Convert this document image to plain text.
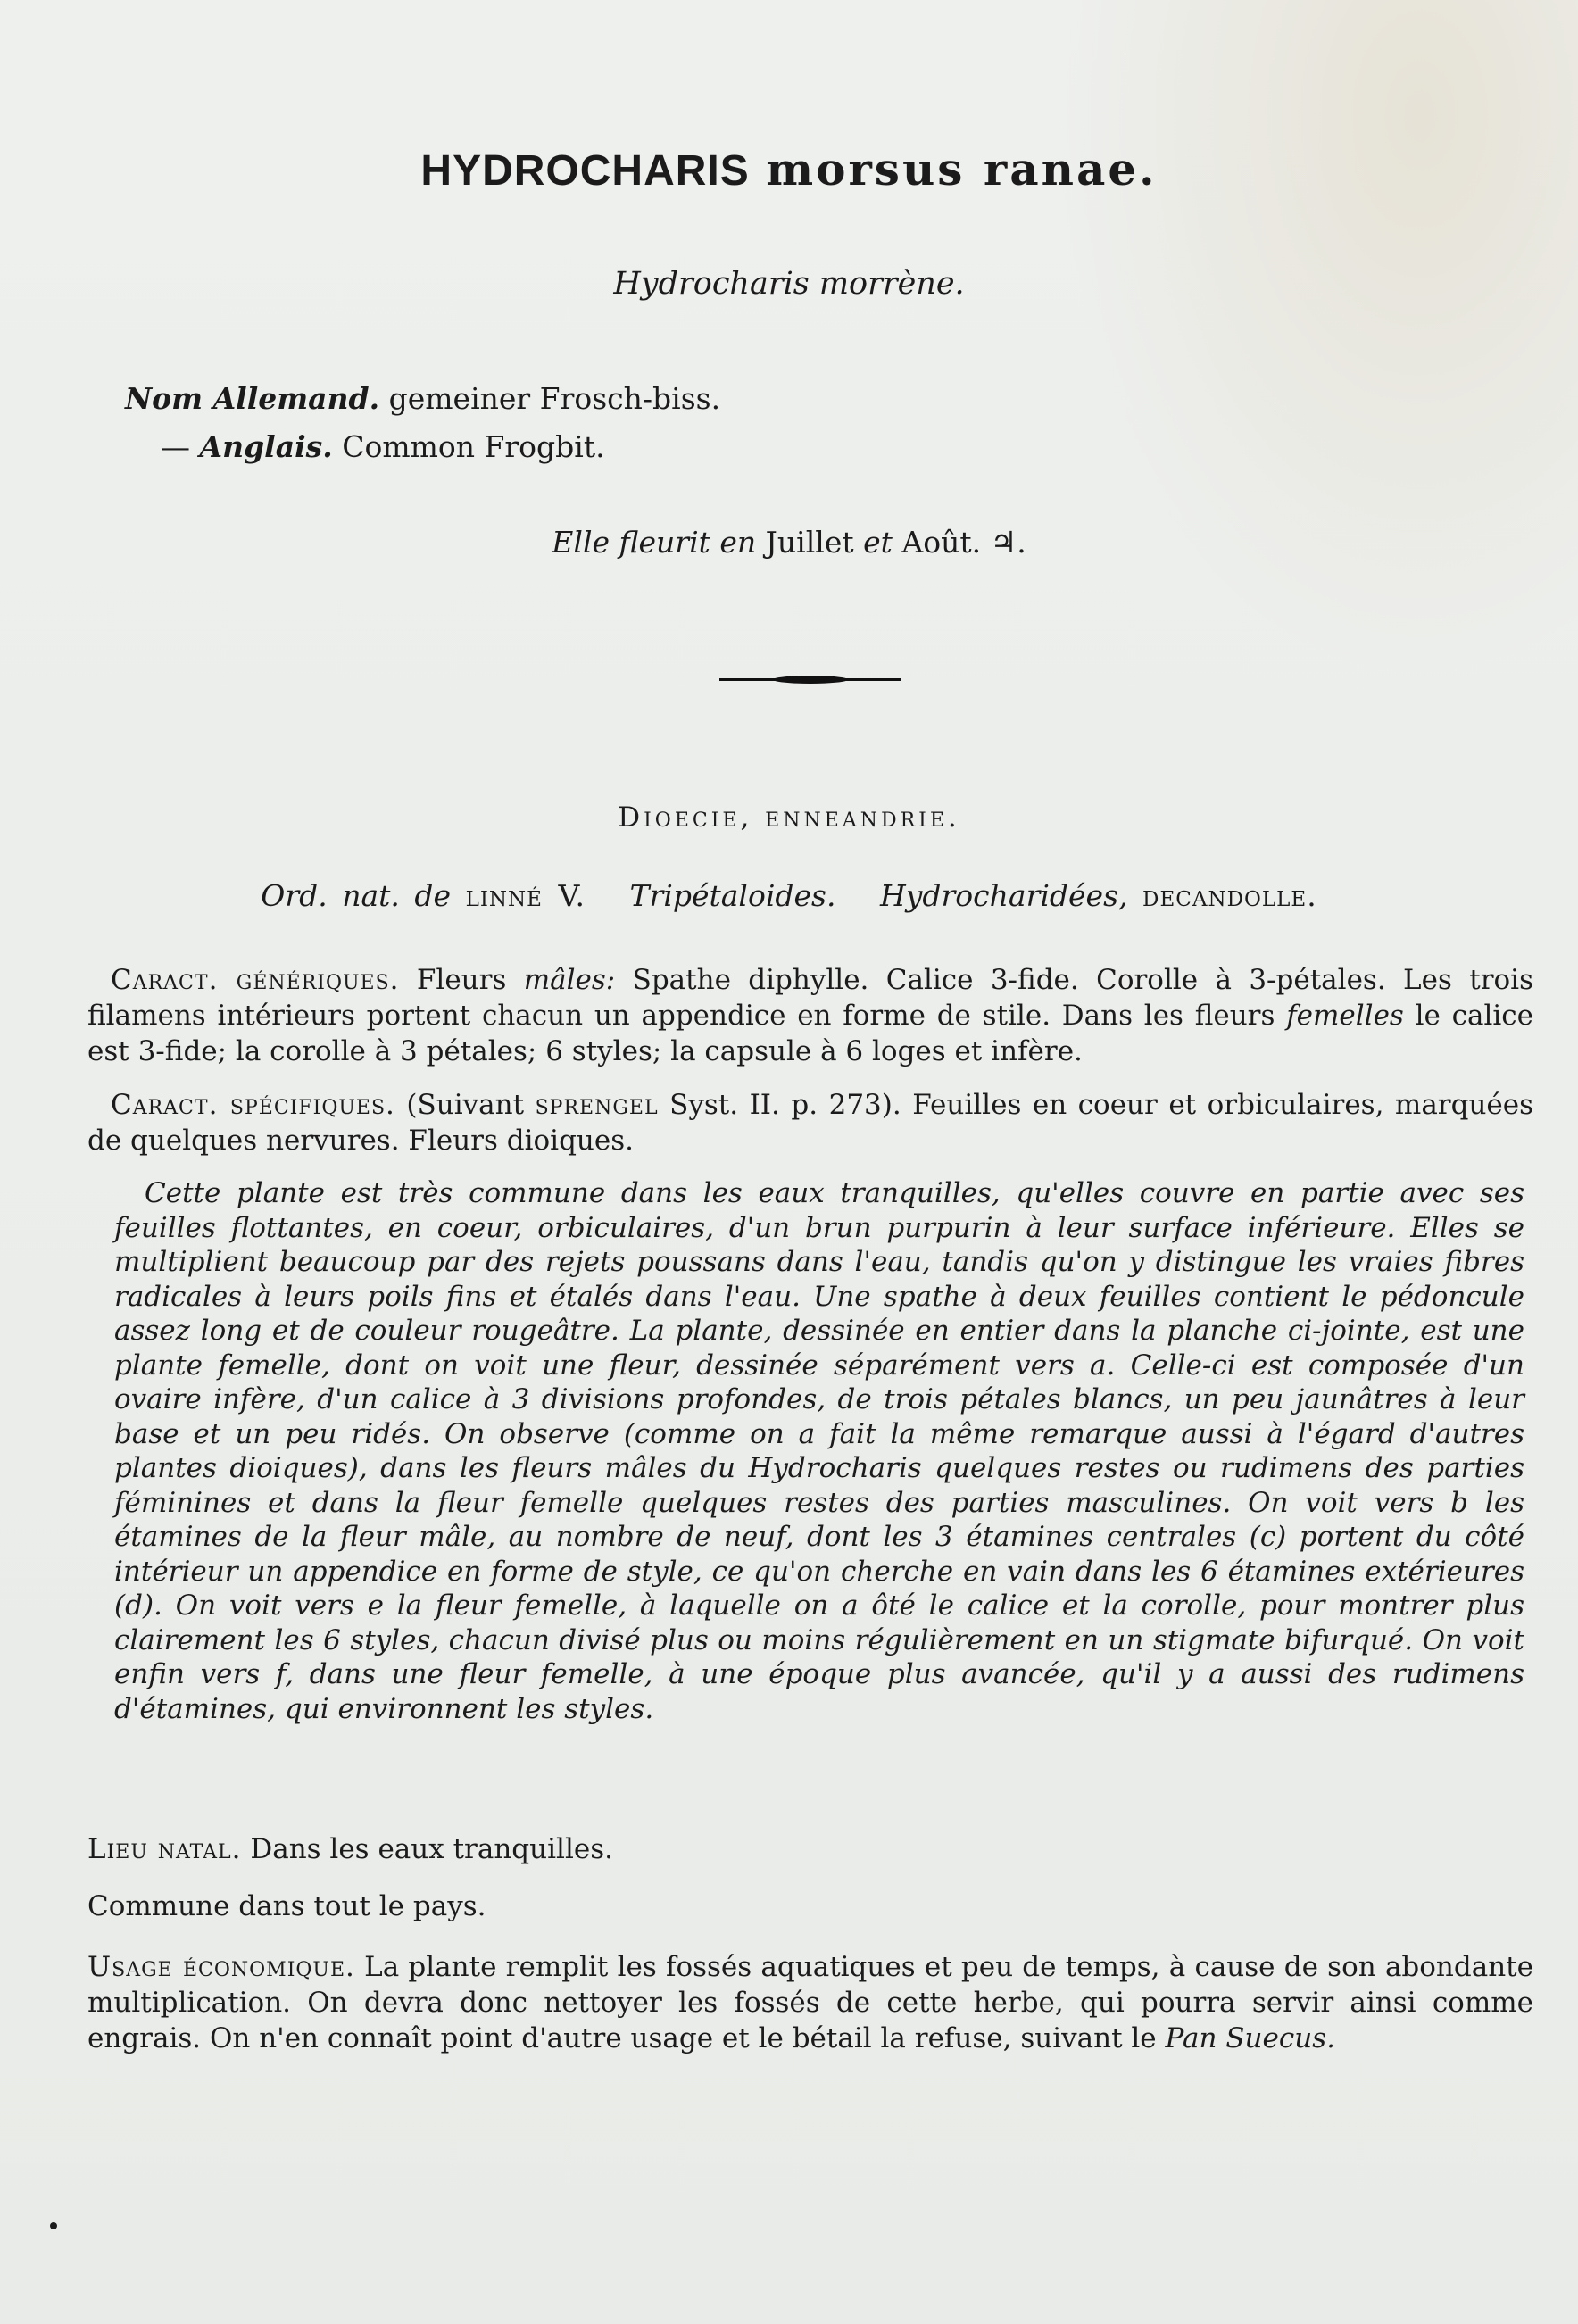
HYDROCHARIS morsus ranae.
Hydrocharis morrène.
Nom Allemand. gemeiner Frosch-biss.
— Anglais. Common Frogbit.
Elle fleurit en Juillet et Août. ♃.
Dioecie, enneandrie.
Ord. nat. de linné V. Tripétaloides. Hydrocharidées, decandolle.
Caract. génériques. Fleurs mâles: Spathe diphylle. Calice 3-fide. Corolle à 3-pétales. Les trois filamens intérieurs portent chacun un appendice en forme de stile. Dans les fleurs femelles le calice est 3-fide; la corolle à 3 pétales; 6 styles; la capsule à 6 loges et infère.
Caract. spécifiques. (Suivant sprengel Syst. II. p. 273). Feuilles en coeur et orbiculaires, marquées de quelques nervures. Fleurs dioiques.
Cette plante est très commune dans les eaux tranquilles, qu'elles couvre en partie avec ses feuilles flottantes, en coeur, orbiculaires, d'un brun purpurin à leur surface inférieure. Elles se multiplient beaucoup par des rejets poussans dans l'eau, tandis qu'on y distingue les vraies fibres radicales à leurs poils fins et étalés dans l'eau. Une spathe à deux feuilles contient le pédoncule assez long et de couleur rougeâtre. La plante, dessinée en entier dans la planche ci-jointe, est une plante femelle, dont on voit une fleur, dessinée séparément vers a. Celle-ci est composée d'un ovaire infère, d'un calice à 3 divisions profondes, de trois pétales blancs, un peu jaunâtres à leur base et un peu ridés. On observe (comme on a fait la même remarque aussi à l'égard d'autres plantes dioiques), dans les fleurs mâles du Hydrocharis quelques restes ou rudimens des parties féminines et dans la fleur femelle quelques restes des parties masculines. On voit vers b les étamines de la fleur mâle, au nombre de neuf, dont les 3 étamines centrales (c) portent du côté intérieur un appendice en forme de style, ce qu'on cherche en vain dans les 6 étamines extérieures (d). On voit vers e la fleur femelle, à laquelle on a ôté le calice et la corolle, pour montrer plus clairement les 6 styles, chacun divisé plus ou moins régulièrement en un stigmate bifurqué. On voit enfin vers f, dans une fleur femelle, à une époque plus avancée, qu'il y a aussi des rudimens d'étamines, qui environnent les styles.
Lieu natal. Dans les eaux tranquilles.
Commune dans tout le pays.
Usage économique. La plante remplit les fossés aquatiques et peu de temps, à cause de son abondante multiplication. On devra donc nettoyer les fossés de cette herbe, qui pourra servir ainsi comme engrais. On n'en connaît point d'autre usage et le bétail la refuse, suivant le Pan Suecus.
